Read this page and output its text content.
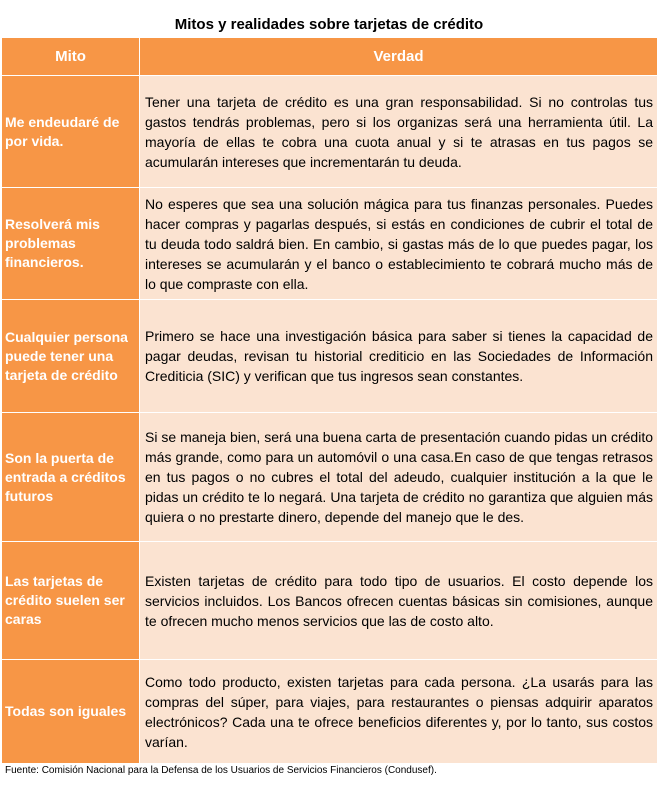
Mitos y realidades sobre tarjetas de crédito
Mito	Verdad
Me endeudaré de por vida.	Tener una tarjeta de crédito es una gran responsabilidad. Si no controlas tus gastos tendrás problemas, pero si los organizas será una herramienta útil. La mayoría de ellas te cobra una cuota anual y si te atrasas en tus pagos se acumularán intereses que incrementarán tu deuda.
Resolverá mis problemas financieros.	No esperes que sea una solución mágica para tus finanzas personales. Puedes hacer compras y pagarlas después, si estás en condiciones de cubrir el total de tu deuda todo saldrá bien. En cambio, si gastas más de lo que puedes pagar, los intereses se acumularán y el banco o establecimiento te cobrará mucho más de lo que compraste con ella.
Cualquier persona puede tener una tarjeta de crédito	Primero se hace una investigación básica para saber si tienes la capacidad de pagar deudas, revisan tu historial crediticio en las Sociedades de Información Crediticia (SIC) y verifican que tus ingresos sean constantes.
Son la puerta de entrada a créditos futuros	Si se maneja bien, será una buena carta de presentación cuando pidas un crédito más grande, como para un automóvil o una casa.En caso de que tengas retrasos en tus pagos o no cubres el total del adeudo, cualquier institución a la que le pidas un crédito te lo negará. Una tarjeta de crédito no garantiza que alguien más quiera o no prestarte dinero, depende del manejo que le des.
Las tarjetas de crédito suelen ser caras	Existen tarjetas de crédito para todo tipo de usuarios. El costo depende los servicios incluidos. Los Bancos ofrecen cuentas básicas sin comisiones, aunque te ofrecen mucho menos servicios que las de costo alto.
Todas son iguales	Como todo producto, existen tarjetas para cada persona. ¿La usarás para las compras del súper, para viajes, para restaurantes o piensas adquirir aparatos electrónicos? Cada una te ofrece beneficios diferentes y, por lo tanto, sus costos varían.
Fuente: Comisión Nacional para la Defensa de los Usuarios de Servicios Financieros (Condusef).
